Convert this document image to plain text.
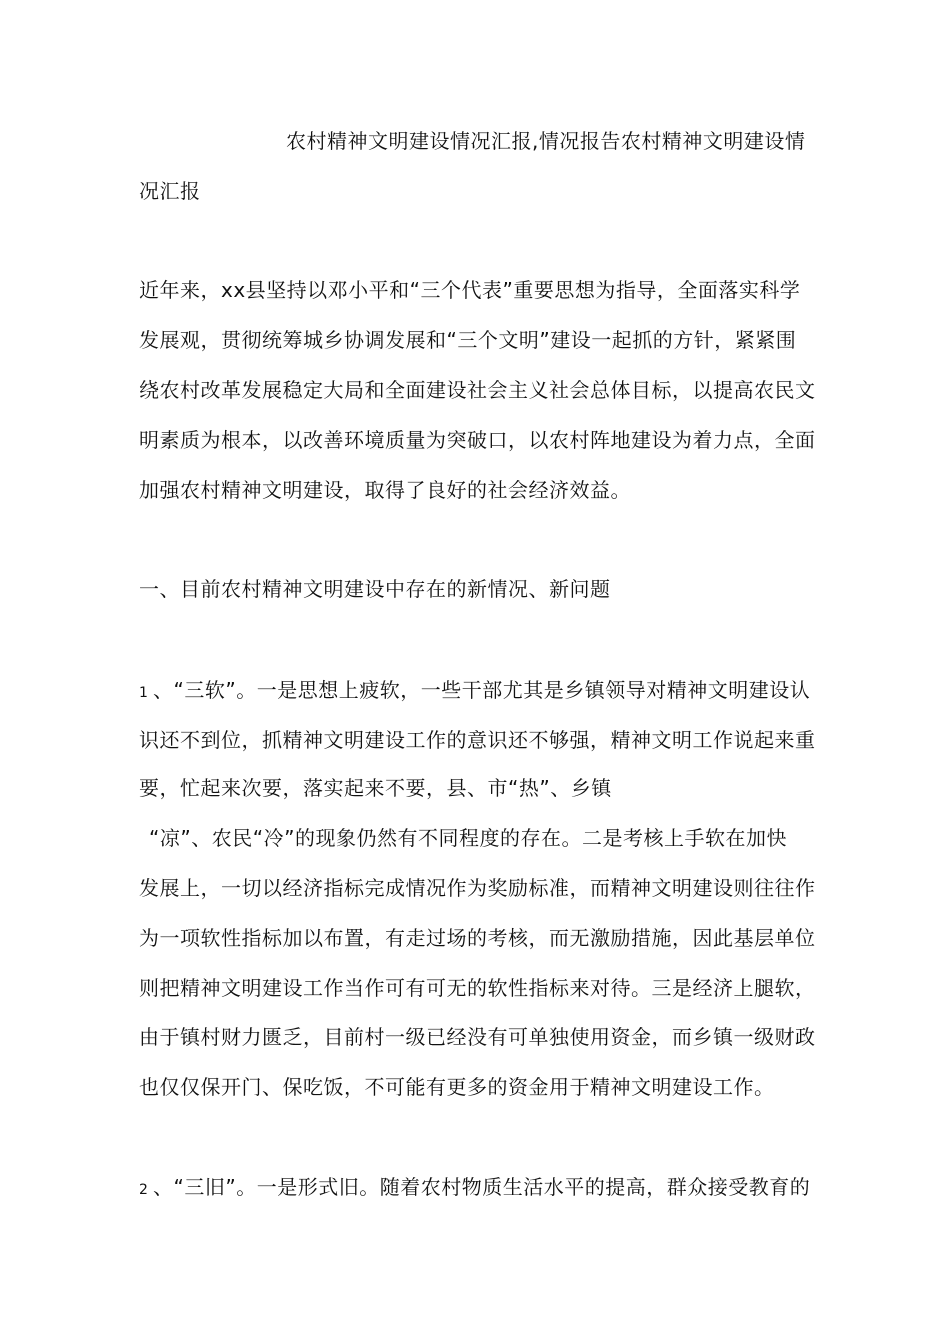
农村精神文明建设情况汇报,情况报告农村精神文明建设情
况汇报
近年来，xx县坚持以邓小平和“三个代表”重要思想为指导，全面落实科学
发展观，贯彻统筹城乡协调发展和“三个文明”建设一起抓的方针，紧紧围
绕农村改革发展稳定大局和全面建设社会主义社会总体目标，以提高农民文
明素质为根本，以改善环境质量为突破口，以农村阵地建设为着力点，全面
加强农村精神文明建设，取得了良好的社会经济效益。
一、目前农村精神文明建设中存在的新情况、新问题
1 、“三软”。一是思想上疲软，一些干部尤其是乡镇领导对精神文明建设认
识还不到位，抓精神文明建设工作的意识还不够强，精神文明工作说起来重
要，忙起来次要，落实起来不要，县、市“热”、乡镇
“凉”、农民“冷”的现象仍然有不同程度的存在。二是考核上手软在加快
发展上，一切以经济指标完成情况作为奖励标准，而精神文明建设则往往作
为一项软性指标加以布置，有走过场的考核，而无激励措施，因此基层单位
则把精神文明建设工作当作可有可无的软性指标来对待。三是经济上腿软，
由于镇村财力匮乏，目前村一级已经没有可单独使用资金，而乡镇一级财政
也仅仅保开门、保吃饭，不可能有更多的资金用于精神文明建设工作。
2 、“三旧”。一是形式旧。随着农村物质生活水平的提高，群众接受教育的
